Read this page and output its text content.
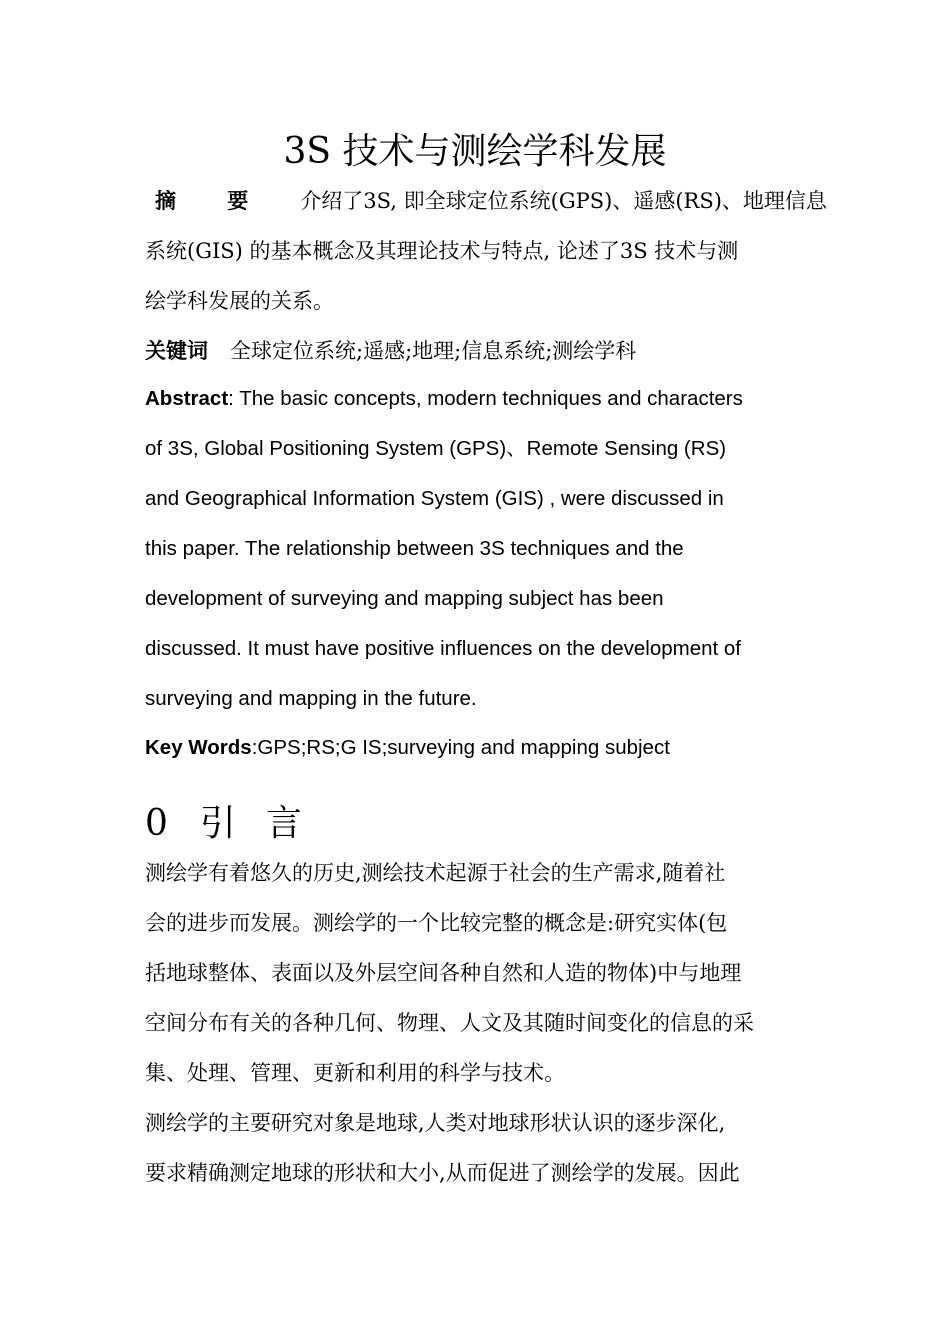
3S 技术与测绘学科发展
摘 要 介绍了3S, 即全球定位系统(GPS)、遥感(RS)、地理信息
系统(GIS) 的基本概念及其理论技术与特点, 论述了3S 技术与测
绘学科发展的关系。
关键词 全球定位系统;遥感;地理;信息系统;测绘学科
Abstract: The basic concepts, modern techniques and characters
of 3S, Global Positioning System (GPS)、Remote Sensing (RS)
and Geographical Information System (GIS) , were discussed in
this paper. The relationship between 3S techniques and the
development of surveying and mapping subject has been
discussed. It must have positive influences on the development of
surveying and mapping in the future.
Key Words:GPS;RS;G IS;surveying and mapping subject
0 引言
测绘学有着悠久的历史,测绘技术起源于社会的生产需求,随着社
会的进步而发展。测绘学的一个比较完整的概念是:研究实体(包
括地球整体、表面以及外层空间各种自然和人造的物体)中与地理
空间分布有关的各种几何、物理、人文及其随时间变化的信息的采
集、处理、管理、更新和利用的科学与技术。
测绘学的主要研究对象是地球,人类对地球形状认识的逐步深化,
要求精确测定地球的形状和大小,从而促进了测绘学的发展。因此
